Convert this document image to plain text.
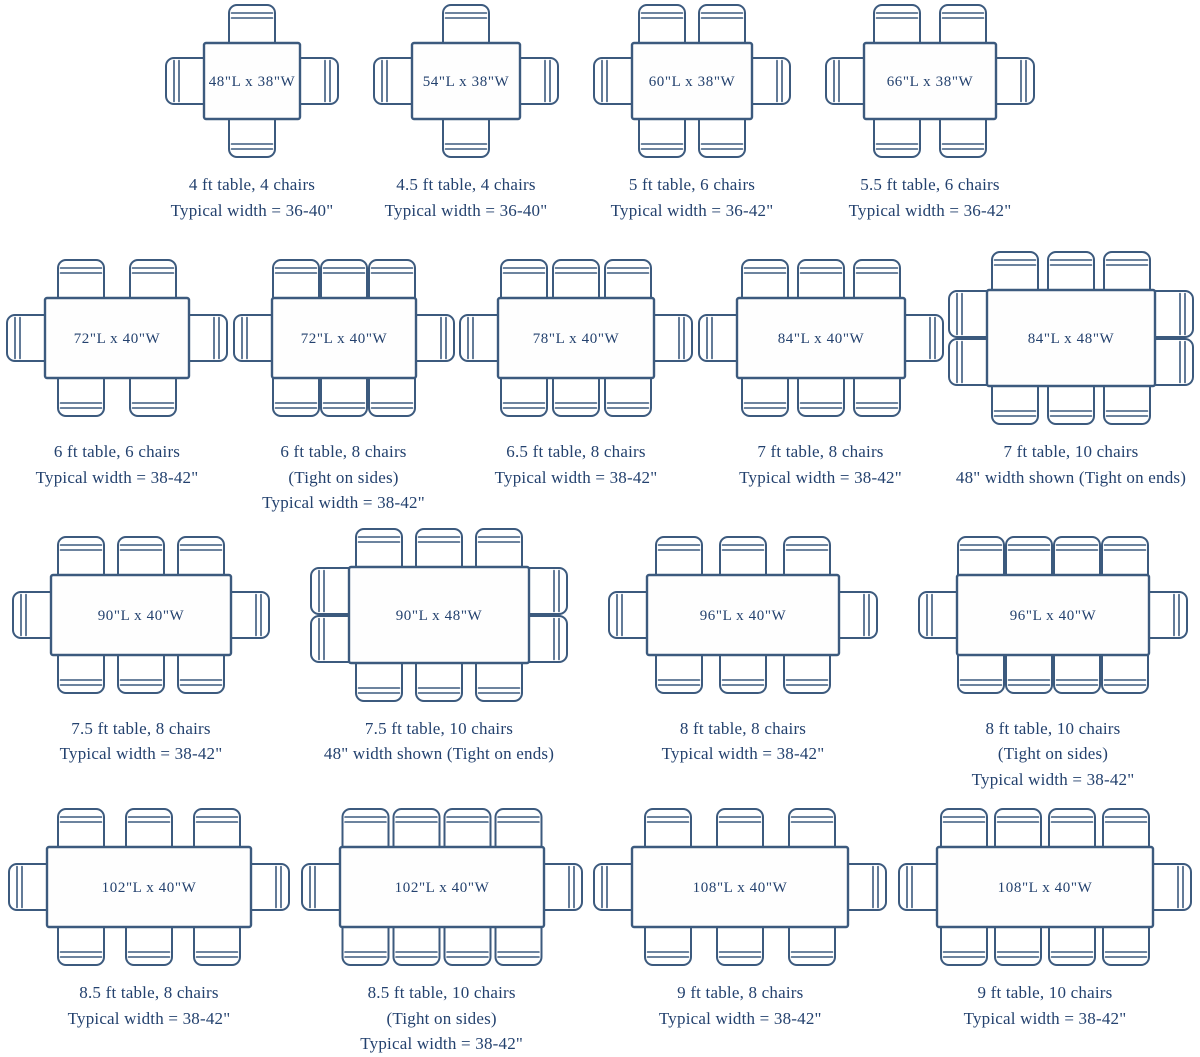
48"L x 38"W
4 ft table, 4 chairs
Typical width = 36-40"
54"L x 38"W
4.5 ft table, 4 chairs
Typical width = 36-40"
60"L x 38"W
5 ft table, 6 chairs
Typical width = 36-42"
66"L x 38"W
5.5 ft table, 6 chairs
Typical width = 36-42"
72"L x 40"W
6 ft table, 6 chairs
Typical width = 38-42"
72"L x 40"W
6 ft table, 8 chairs
(Tight on sides)
Typical width = 38-42"
78"L x 40"W
6.5 ft table, 8 chairs
Typical width = 38-42"
84"L x 40"W
7 ft table, 8 chairs
Typical width = 38-42"
84"L x 48"W
7 ft table, 10 chairs
48" width shown (Tight on ends)
90"L x 40"W
7.5 ft table, 8 chairs
Typical width = 38-42"
90"L x 48"W
7.5 ft table, 10 chairs
48" width shown (Tight on ends)
96"L x 40"W
8 ft table, 8 chairs
Typical width = 38-42"
96"L x 40"W
8 ft table, 10 chairs
(Tight on sides)
Typical width = 38-42"
102"L x 40"W
8.5 ft table, 8 chairs
Typical width = 38-42"
102"L x 40"W
8.5 ft table, 10 chairs
(Tight on sides)
Typical width = 38-42"
108"L x 40"W
9 ft table, 8 chairs
Typical width = 38-42"
108"L x 40"W
9 ft table, 10 chairs
Typical width = 38-42"
